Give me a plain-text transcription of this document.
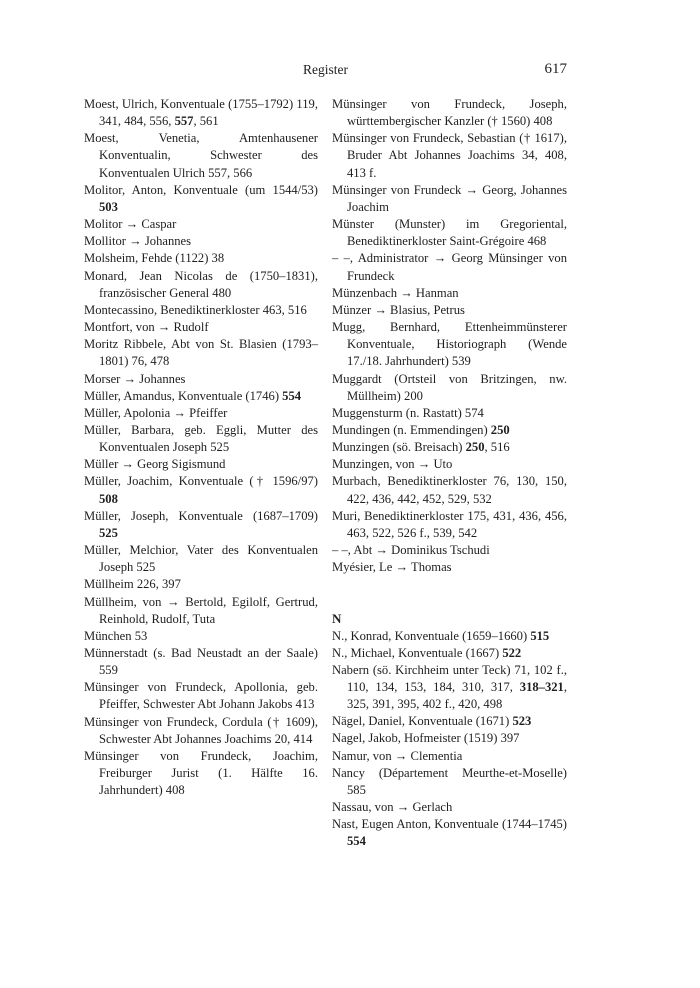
Register	617
Moest, Ulrich, Konventuale (1755–1792) 119, 341, 484, 556, 557, 561
Moest, Venetia, Amtenhausener Konventualin, Schwester des Konventualen Ulrich 557, 566
Molitor, Anton, Konventuale (um 1544/53) 503
Molitor → Caspar
Mollitor → Johannes
Molsheim, Fehde (1122) 38
Monard, Jean Nicolas de (1750–1831), französischer General 480
Montecassino, Benediktinerkloster 463, 516
Montfort, von → Rudolf
Moritz Ribbele, Abt von St. Blasien (1793–1801) 76, 478
Morser → Johannes
Müller, Amandus, Konventuale (1746) 554
Müller, Apolonia → Pfeiffer
Müller, Barbara, geb. Eggli, Mutter des Konventualen Joseph 525
Müller → Georg Sigismund
Müller, Joachim, Konventuale († 1596/97) 508
Müller, Joseph, Konventuale (1687–1709) 525
Müller, Melchior, Vater des Konventualen Joseph 525
Müllheim 226, 397
Müllheim, von → Bertold, Egilolf, Gertrud, Reinhold, Rudolf, Tuta
München 53
Münnerstadt (s. Bad Neustadt an der Saale) 559
Münsinger von Frundeck, Apollonia, geb. Pfeiffer, Schwester Abt Johann Jakobs 413
Münsinger von Frundeck, Cordula († 1609), Schwester Abt Johannes Joachims 20, 414
Münsinger von Frundeck, Joachim, Freiburger Jurist (1. Hälfte 16. Jahrhundert) 408
Münsinger von Frundeck, Joseph, württembergischer Kanzler († 1560) 408
Münsinger von Frundeck, Sebastian († 1617), Bruder Abt Johannes Joachims 34, 408, 413 f.
Münsinger von Frundeck → Georg, Johannes Joachim
Münster (Munster) im Gregoriental, Benediktinerkloster Saint-Grégoire 468
– –, Administrator → Georg Münsinger von Frundeck
Münzenbach → Hanman
Münzer → Blasius, Petrus
Mugg, Bernhard, Ettenheimmünsterer Konventuale, Historiograph (Wende 17./18. Jahrhundert) 539
Muggardt (Ortsteil von Britzingen, nw. Müllheim) 200
Muggensturm (n. Rastatt) 574
Mundingen (n. Emmendingen) 250
Munzingen (sö. Breisach) 250, 516
Munzingen, von → Uto
Murbach, Benediktinerkloster 76, 130, 150, 422, 436, 442, 452, 529, 532
Muri, Benediktinerkloster 175, 431, 436, 456, 463, 522, 526 f., 539, 542
– –, Abt → Dominikus Tschudi
Myésier, Le → Thomas
N
N., Konrad, Konventuale (1659–1660) 515
N., Michael, Konventuale (1667) 522
Nabern (sö. Kirchheim unter Teck) 71, 102 f., 110, 134, 153, 184, 310, 317, 318–321, 325, 391, 395, 402 f., 420, 498
Nägel, Daniel, Konventuale (1671) 523
Nagel, Jakob, Hofmeister (1519) 397
Namur, von → Clementia
Nancy (Département Meurthe-et-Moselle) 585
Nassau, von → Gerlach
Nast, Eugen Anton, Konventuale (1744–1745) 554
